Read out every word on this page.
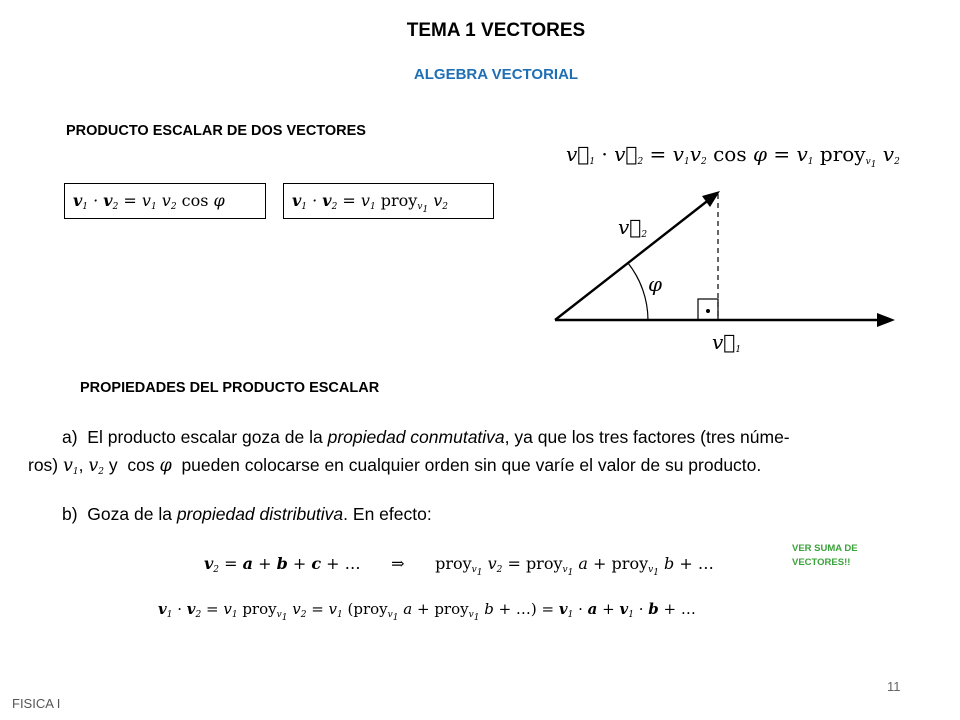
TEMA 1 VECTORES
ALGEBRA VECTORIAL
PRODUCTO ESCALAR DE DOS VECTORES
$v_1 \cdot v_2 = v_1$ $v_2$ cos φ	$v_1 \cdot v_2 = v_1$ proy$_{v_1}$ $v_2$
$v⃗_1$ · $v⃗_2 = v_1v_2$ $\cos \varphi = v_1$ proy$_{v_1}$ $v_2$
$v⃗_2$
φ
$v⃗_1$
PROPIEDADES DEL PRODUCTO ESCALAR
a) El producto escalar goza de la propiedad conmutativa, ya que los tres factores (tres núme-
ros) $v_1$, $v_2$ y  cos φ pueden colocarse en cualquier orden sin que varíe el valor de su producto.
b) Goza de la propiedad distributiva. En efecto:
$v_2 = a + b + c$ + …      ⇒      proy$_{v_1}$ $v_2$ = proy$_{v_1}$ a + proy$_{v_1}$ b + …
VER SUMA DE VECTORES!!
$v_1 \cdot v_2 = v_1$ proy$_{v_1}$ $v_2 = v_1$ (proy$_{v_1}$ a + proy$_{v_1}$ b + …) = $v_1 \cdot a + v_1 \cdot b$ + …
11
FISICA I
